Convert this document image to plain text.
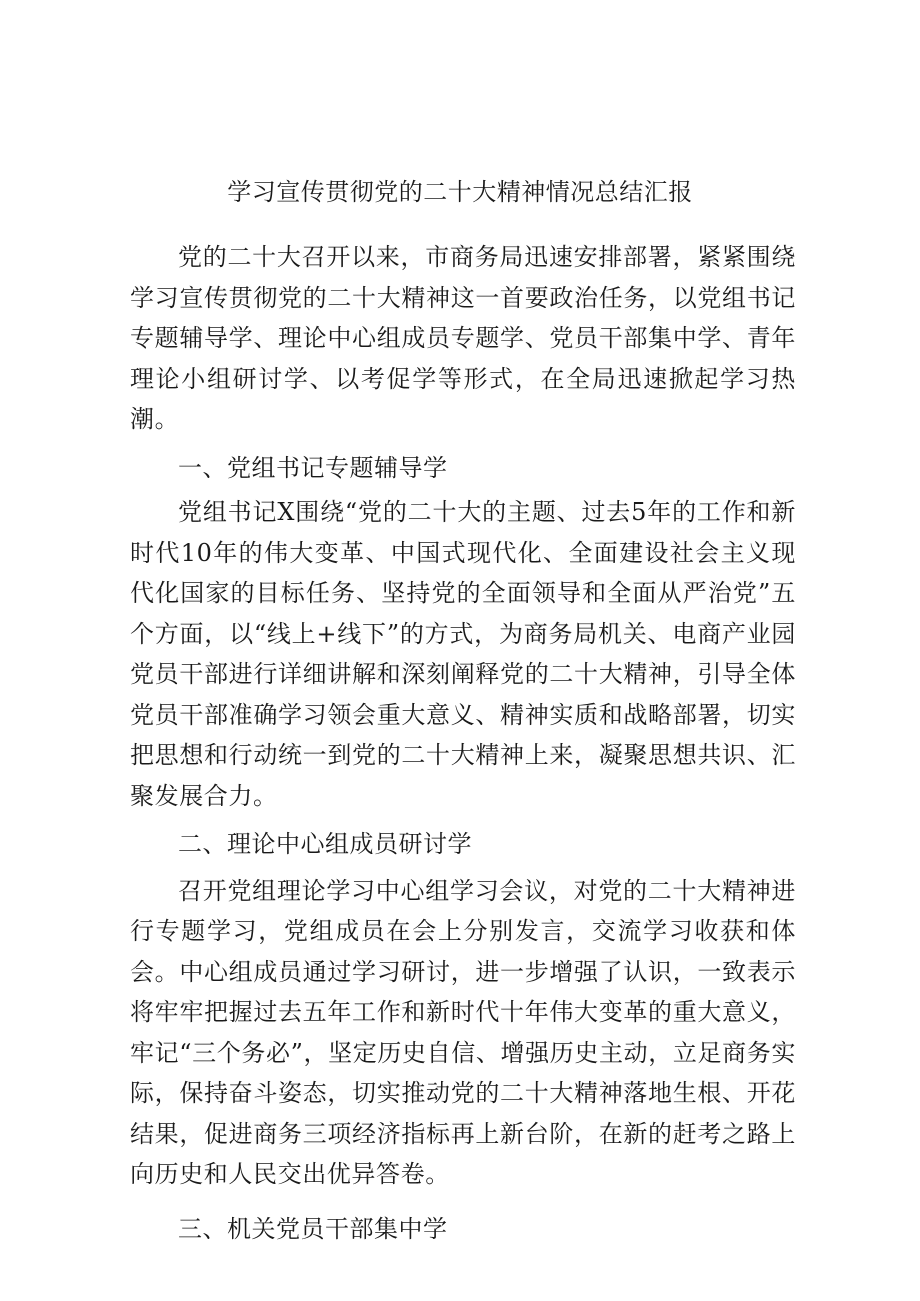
学习宣传贯彻党的二十大精神情况总结汇报

党的二十大召开以来，市商务局迅速安排部署，紧紧围绕学习宣传贯彻党的二十大精神这一首要政治任务，以党组书记专题辅导学、理论中心组成员专题学、党员干部集中学、青年理论小组研讨学、以考促学等形式，在全局迅速掀起学习热潮。

一、党组书记专题辅导学

党组书记X围绕“党的二十大的主题、过去5年的工作和新时代10年的伟大变革、中国式现代化、全面建设社会主义现代化国家的目标任务、坚持党的全面领导和全面从严治党”五个方面，以“线上+线下”的方式，为商务局机关、电商产业园党员干部进行详细讲解和深刻阐释党的二十大精神，引导全体党员干部准确学习领会重大意义、精神实质和战略部署，切实把思想和行动统一到党的二十大精神上来，凝聚思想共识、汇聚发展合力。

二、理论中心组成员研讨学

召开党组理论学习中心组学习会议，对党的二十大精神进行专题学习，党组成员在会上分别发言，交流学习收获和体会。中心组成员通过学习研讨，进一步增强了认识，一致表示将牢牢把握过去五年工作和新时代十年伟大变革的重大意义，牢记“三个务必”，坚定历史自信、增强历史主动，立足商务实际，保持奋斗姿态，切实推动党的二十大精神落地生根、开花结果，促进商务三项经济指标再上新台阶，在新的赶考之路上向历史和人民交出优异答卷。

三、机关党员干部集中学
